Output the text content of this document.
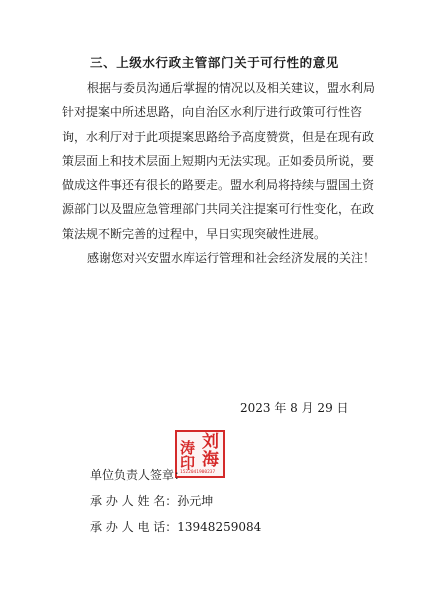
三、上级水行政主管部门关于可行性的意见
根据与委员沟通后掌握的情况以及相关建议，盟水利局
针对提案中所述思路，向自治区水利厅进行政策可行性咨
询，水利厅对于此项提案思路给予高度赞赏，但是在现有政
策层面上和技术层面上短期内无法实现。正如委员所说，要
做成这件事还有很长的路要走。盟水利局将持续与盟国土资
源部门以及盟应急管理部门共同关注提案可行性变化，在政
策法规不断完善的过程中，早日实现突破性进展。
感谢您对兴安盟水库运行管理和社会经济发展的关注！
2023 年 8 月 29 日
涛 刘
印 海
1522041900237
单位负责人签章：
承 办 人 姓 名：孙元坤
承 办 人 电 话：13948259084
